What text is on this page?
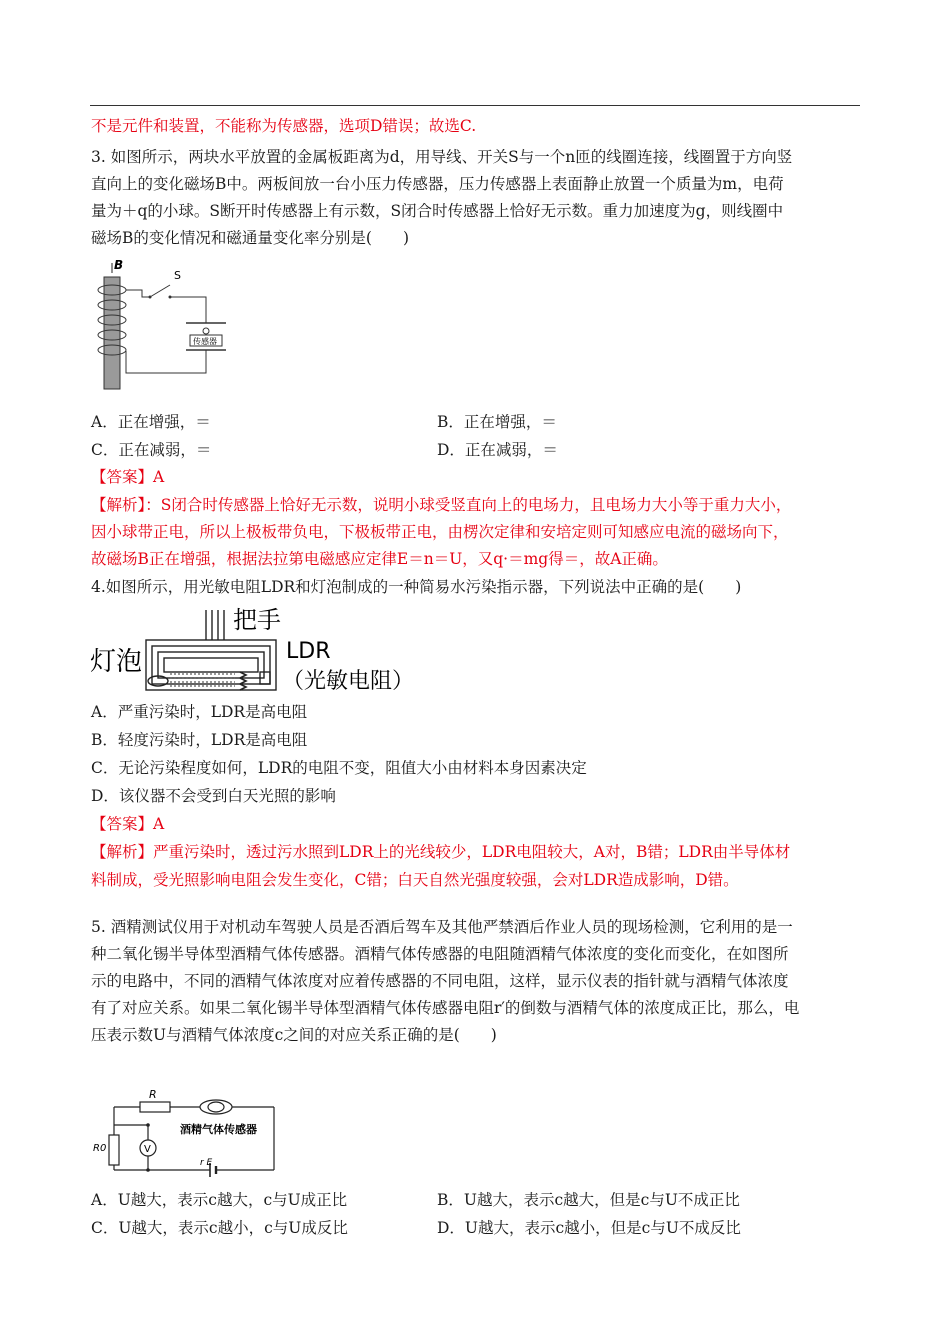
不是元件和装置，不能称为传感器，选项D错误；故选C.
3. 如图所示，两块水平放置的金属板距离为d，用导线、开关S与一个n匝的线圈连接，线圈置于方向竖
直向上的变化磁场B中。两板间放一台小压力传感器，压力传感器上表面静止放置一个质量为m，电荷
量为＋q的小球。S断开时传感器上有示数，S闭合时传感器上恰好无示数。重力加速度为g，则线圈中
磁场B的变化情况和磁通量变化率分别是(　　)
B
S
传感器
A．正在增强，＝	B．正在增强，＝
C．正在减弱，＝	D．正在减弱，＝
【答案】A
【解析】：S闭合时传感器上恰好无示数，说明小球受竖直向上的电场力，且电场力大小等于重力大小，
因小球带正电，所以上极板带负电，下极板带正电，由楞次定律和安培定则可知感应电流的磁场向下，
故磁场B正在增强，根据法拉第电磁感应定律E＝n＝U，又q·＝mg得＝，故A正确。
4.如图所示，用光敏电阻LDR和灯泡制成的一种简易水污染指示器，下列说法中正确的是(　　)
灯泡
把手
LDR
（光敏电阻）
A．严重污染时，LDR是高电阻
B．轻度污染时，LDR是高电阻
C．无论污染程度如何，LDR的电阻不变，阻值大小由材料本身因素决定
D．该仪器不会受到白天光照的影响
【答案】A
【解析】严重污染时，透过污水照到LDR上的光线较少，LDR电阻较大，A对，B错；LDR由半导体材
料制成，受光照影响电阻会发生变化，C错；白天自然光强度较强，会对LDR造成影响，D错。
5. 酒精测试仪用于对机动车驾驶人员是否酒后驾车及其他严禁酒后作业人员的现场检测，它利用的是一
种二氧化锡半导体型酒精气体传感器。酒精气体传感器的电阻随酒精气体浓度的变化而变化，在如图所
示的电路中，不同的酒精气体浓度对应着传感器的不同电阻，这样，显示仪表的指针就与酒精气体浓度
有了对应关系。如果二氧化锡半导体型酒精气体传感器电阻r′的倒数与酒精气体的浓度成正比，那么，电
压表示数U与酒精气体浓度c之间的对应关系正确的是(　　)
R
R0	V
酒精气体传感器
r E
A．U越大，表示c越大，c与U成正比	B．U越大，表示c越大，但是c与U不成正比
C．U越大，表示c越小，c与U成反比	D．U越大，表示c越小，但是c与U不成反比
